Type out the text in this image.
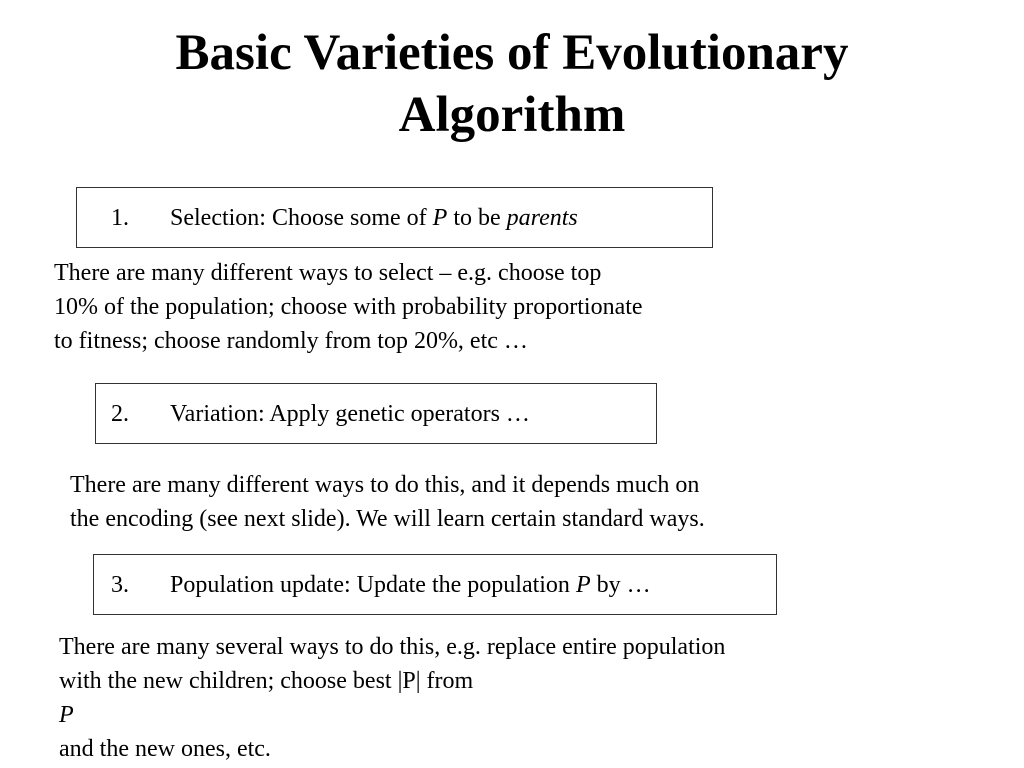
Basic Varieties of Evolutionary
Algorithm
1. Selection: Choose some of P to be parents
There are many different ways to select – e.g. choose top
10% of the population; choose with probability proportionate
to fitness; choose randomly from top 20%, etc …
2. Variation: Apply genetic operators …
There are many different ways to do this, and it depends much on
the encoding (see next slide). We will learn certain standard ways.
3. Population update: Update the population P by …
There are many several ways to do this, e.g. replace entire population
with the new children; choose best |P| from
P
and the new ones, etc.
